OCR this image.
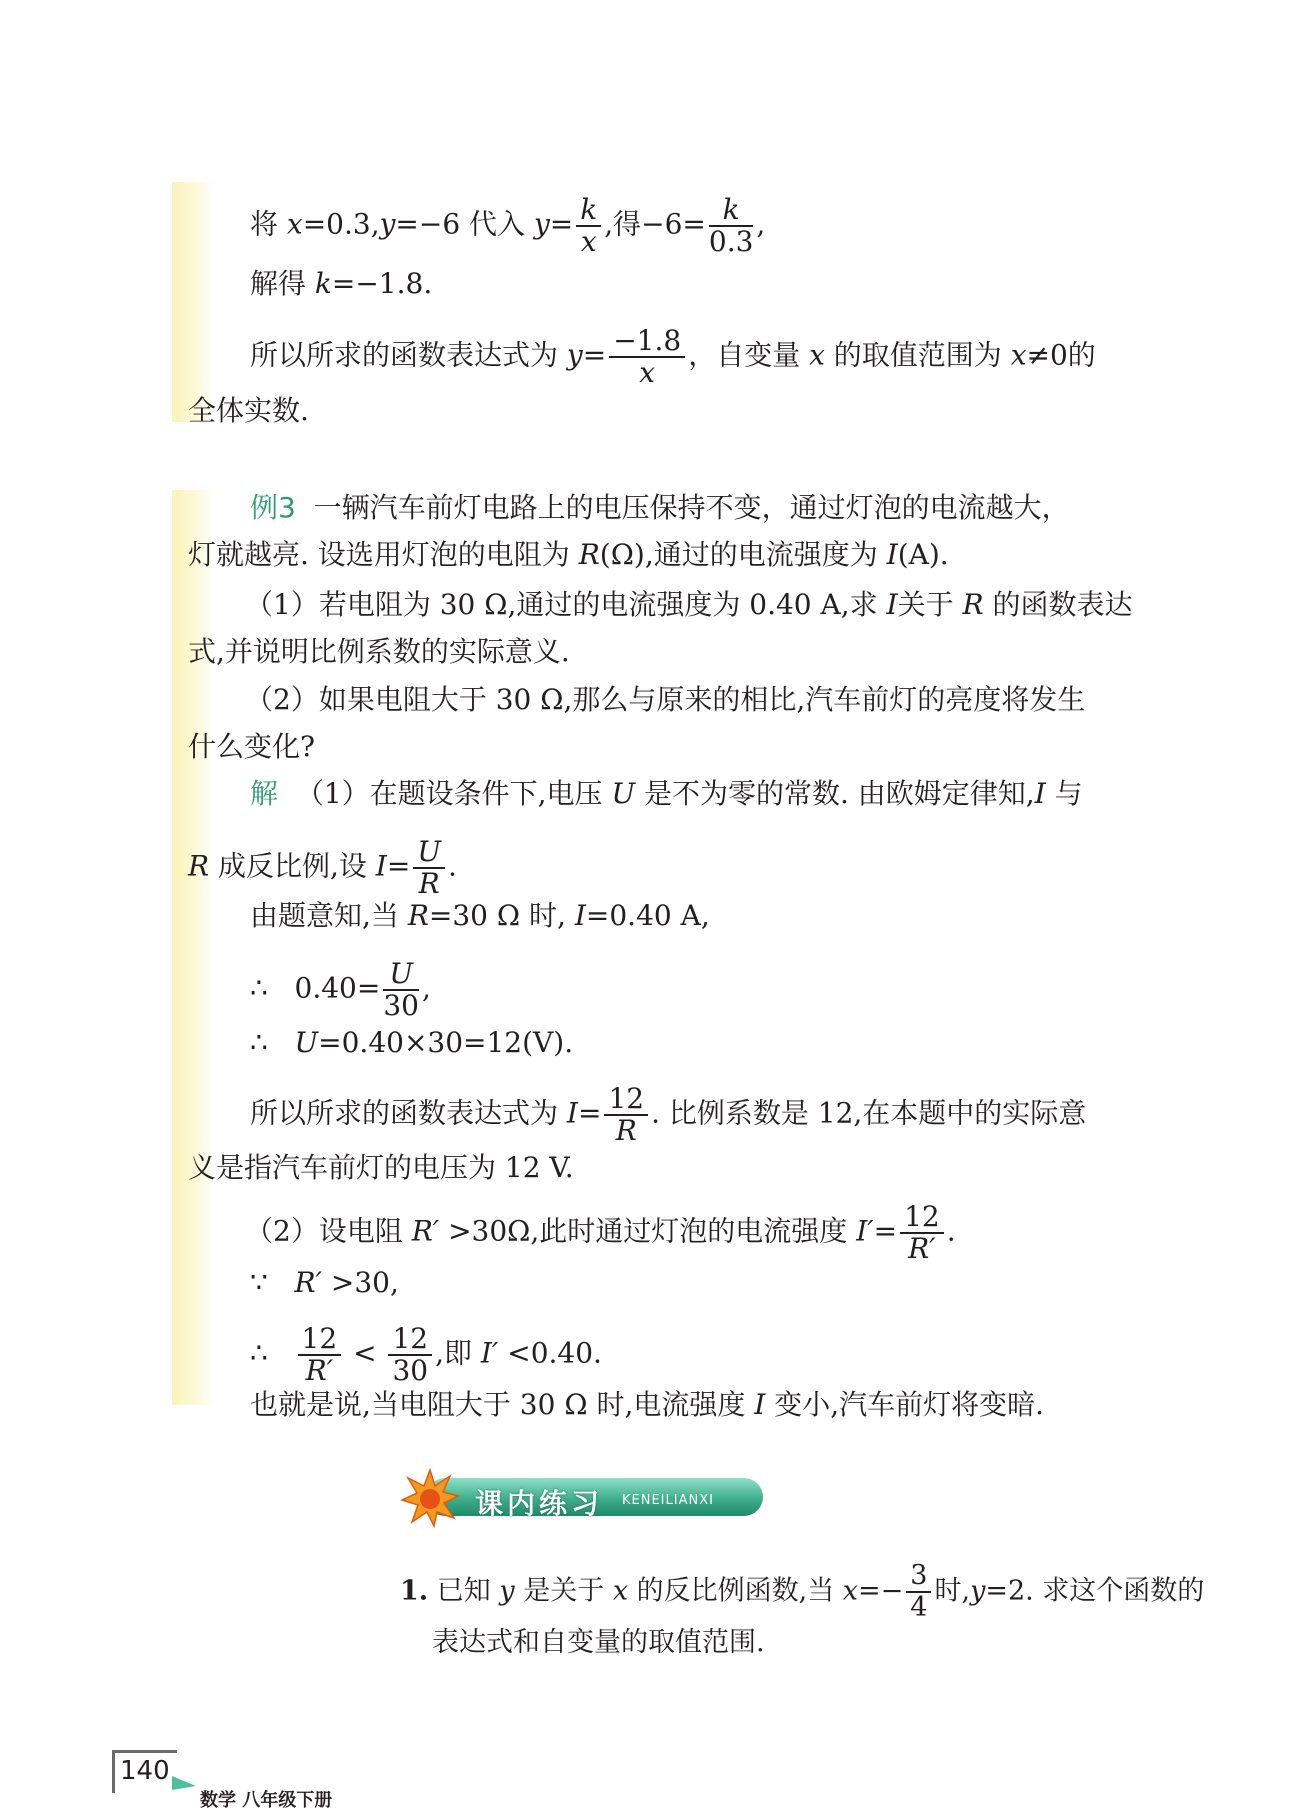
将 x=0.3,y=−6 代入 $y= \frac{k}{x}$ ,得$-6= \frac{k}{0.3}$ ,
解得 k=−1.8.
所以所求的函数表达式为 $y= \frac{-1.8}{x}$ ，自变量 x 的取值范围为 x≠0的
全体实数.
例3 一辆汽车前灯电路上的电压保持不变，通过灯泡的电流越大，
灯就越亮. 设选用灯泡的电阻为 R(Ω),通过的电流强度为 I(A).
（1）若电阻为 30 Ω,通过的电流强度为 0.40 A,求 I关于 R 的函数表达
式,并说明比例系数的实际意义.
（2）如果电阻大于 30 Ω,那么与原来的相比,汽车前灯的亮度将发生
什么变化?
解 （1）在题设条件下,电压 U 是不为零的常数. 由欧姆定律知,I 与
R 成反比例,设 $I= \frac{U}{R}$ .
由题意知,当 R=30 Ω 时, I=0.40 A,
∴ $0.40= \frac{U}{30}$ ,
∴ U=0.40×30=12(V).
所以所求的函数表达式为 $I= \frac{12}{R}$ . 比例系数是 12,在本题中的实际意
义是指汽车前灯的电压为 12 V.
（2）设电阻 R′ >30Ω,此时通过灯泡的电流强度 $I'= \frac{12}{R'}$ .
∵ R′ >30,
∴ $\frac{12}{R'} < \frac{12}{30}$ ,即 I′ <0.40.
也就是说,当电阻大于 30 Ω 时,电流强度 I 变小,汽车前灯将变暗.
课内练习 KENEILIANXI
1. 已知 y 是关于 x 的反比例函数,当 $x=- \frac{3}{4}$ 时,y=2. 求这个函数的
表达式和自变量的取值范围.
140
数学 八年级下册
